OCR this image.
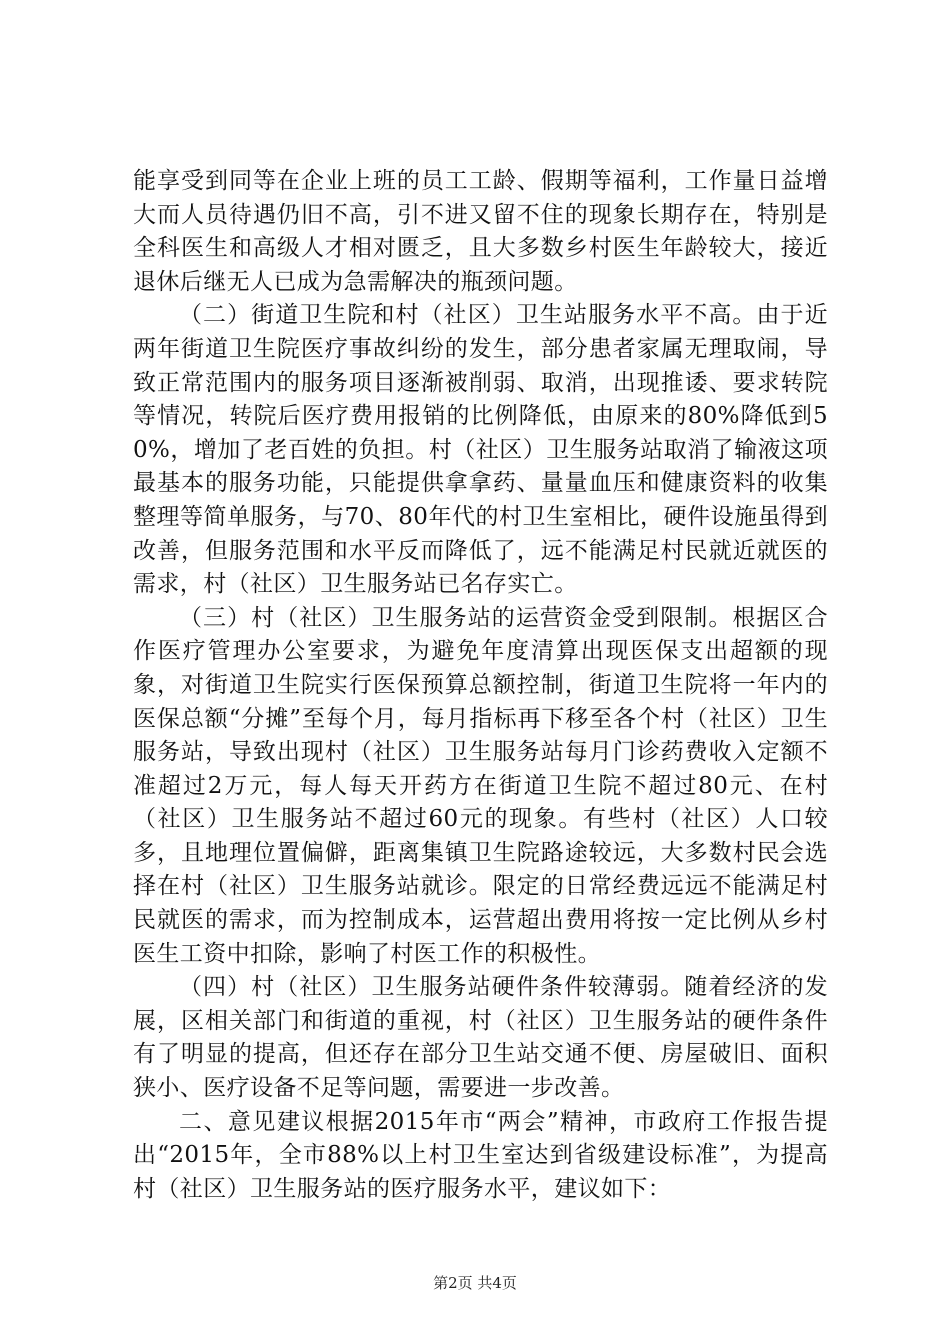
能享受到同等在企业上班的员工工龄、假期等福利，工作量日益增大而人员待遇仍旧不高，引不进又留不住的现象长期存在，特别是全科医生和高级人才相对匮乏，且大多数乡村医生年龄较大，接近退休后继无人已成为急需解决的瓶颈问题。

（二）街道卫生院和村（社区）卫生站服务水平不高。由于近两年街道卫生院医疗事故纠纷的发生，部分患者家属无理取闹，导致正常范围内的服务项目逐渐被削弱、取消，出现推诿、要求转院等情况，转院后医疗费用报销的比例降低，由原来的80%降低到50%，增加了老百姓的负担。村（社区）卫生服务站取消了输液这项最基本的服务功能，只能提供拿拿药、量量血压和健康资料的收集整理等简单服务，与70、80年代的村卫生室相比，硬件设施虽得到改善，但服务范围和水平反而降低了，远不能满足村民就近就医的需求，村（社区）卫生服务站已名存实亡。

（三）村（社区）卫生服务站的运营资金受到限制。根据区合作医疗管理办公室要求，为避免年度清算出现医保支出超额的现象，对街道卫生院实行医保预算总额控制，街道卫生院将一年内的医保总额“分摊”至每个月，每月指标再下移至各个村（社区）卫生服务站，导致出现村（社区）卫生服务站每月门诊药费收入定额不准超过2万元，每人每天开药方在街道卫生院不超过80元、在村（社区）卫生服务站不超过60元的现象。有些村（社区）人口较多，且地理位置偏僻，距离集镇卫生院路途较远，大多数村民会选择在村（社区）卫生服务站就诊。限定的日常经费远远不能满足村民就医的需求，而为控制成本，运营超出费用将按一定比例从乡村医生工资中扣除，影响了村医工作的积极性。

（四）村（社区）卫生服务站硬件条件较薄弱。随着经济的发展，区相关部门和街道的重视，村（社区）卫生服务站的硬件条件有了明显的提高，但还存在部分卫生站交通不便、房屋破旧、面积狭小、医疗设备不足等问题，需要进一步改善。

二、意见建议根据2015年市“两会”精神，市政府工作报告提出“2015年，全市88%以上村卫生室达到省级建设标准”，为提高村（社区）卫生服务站的医疗服务水平，建议如下：

第2页 共4页
